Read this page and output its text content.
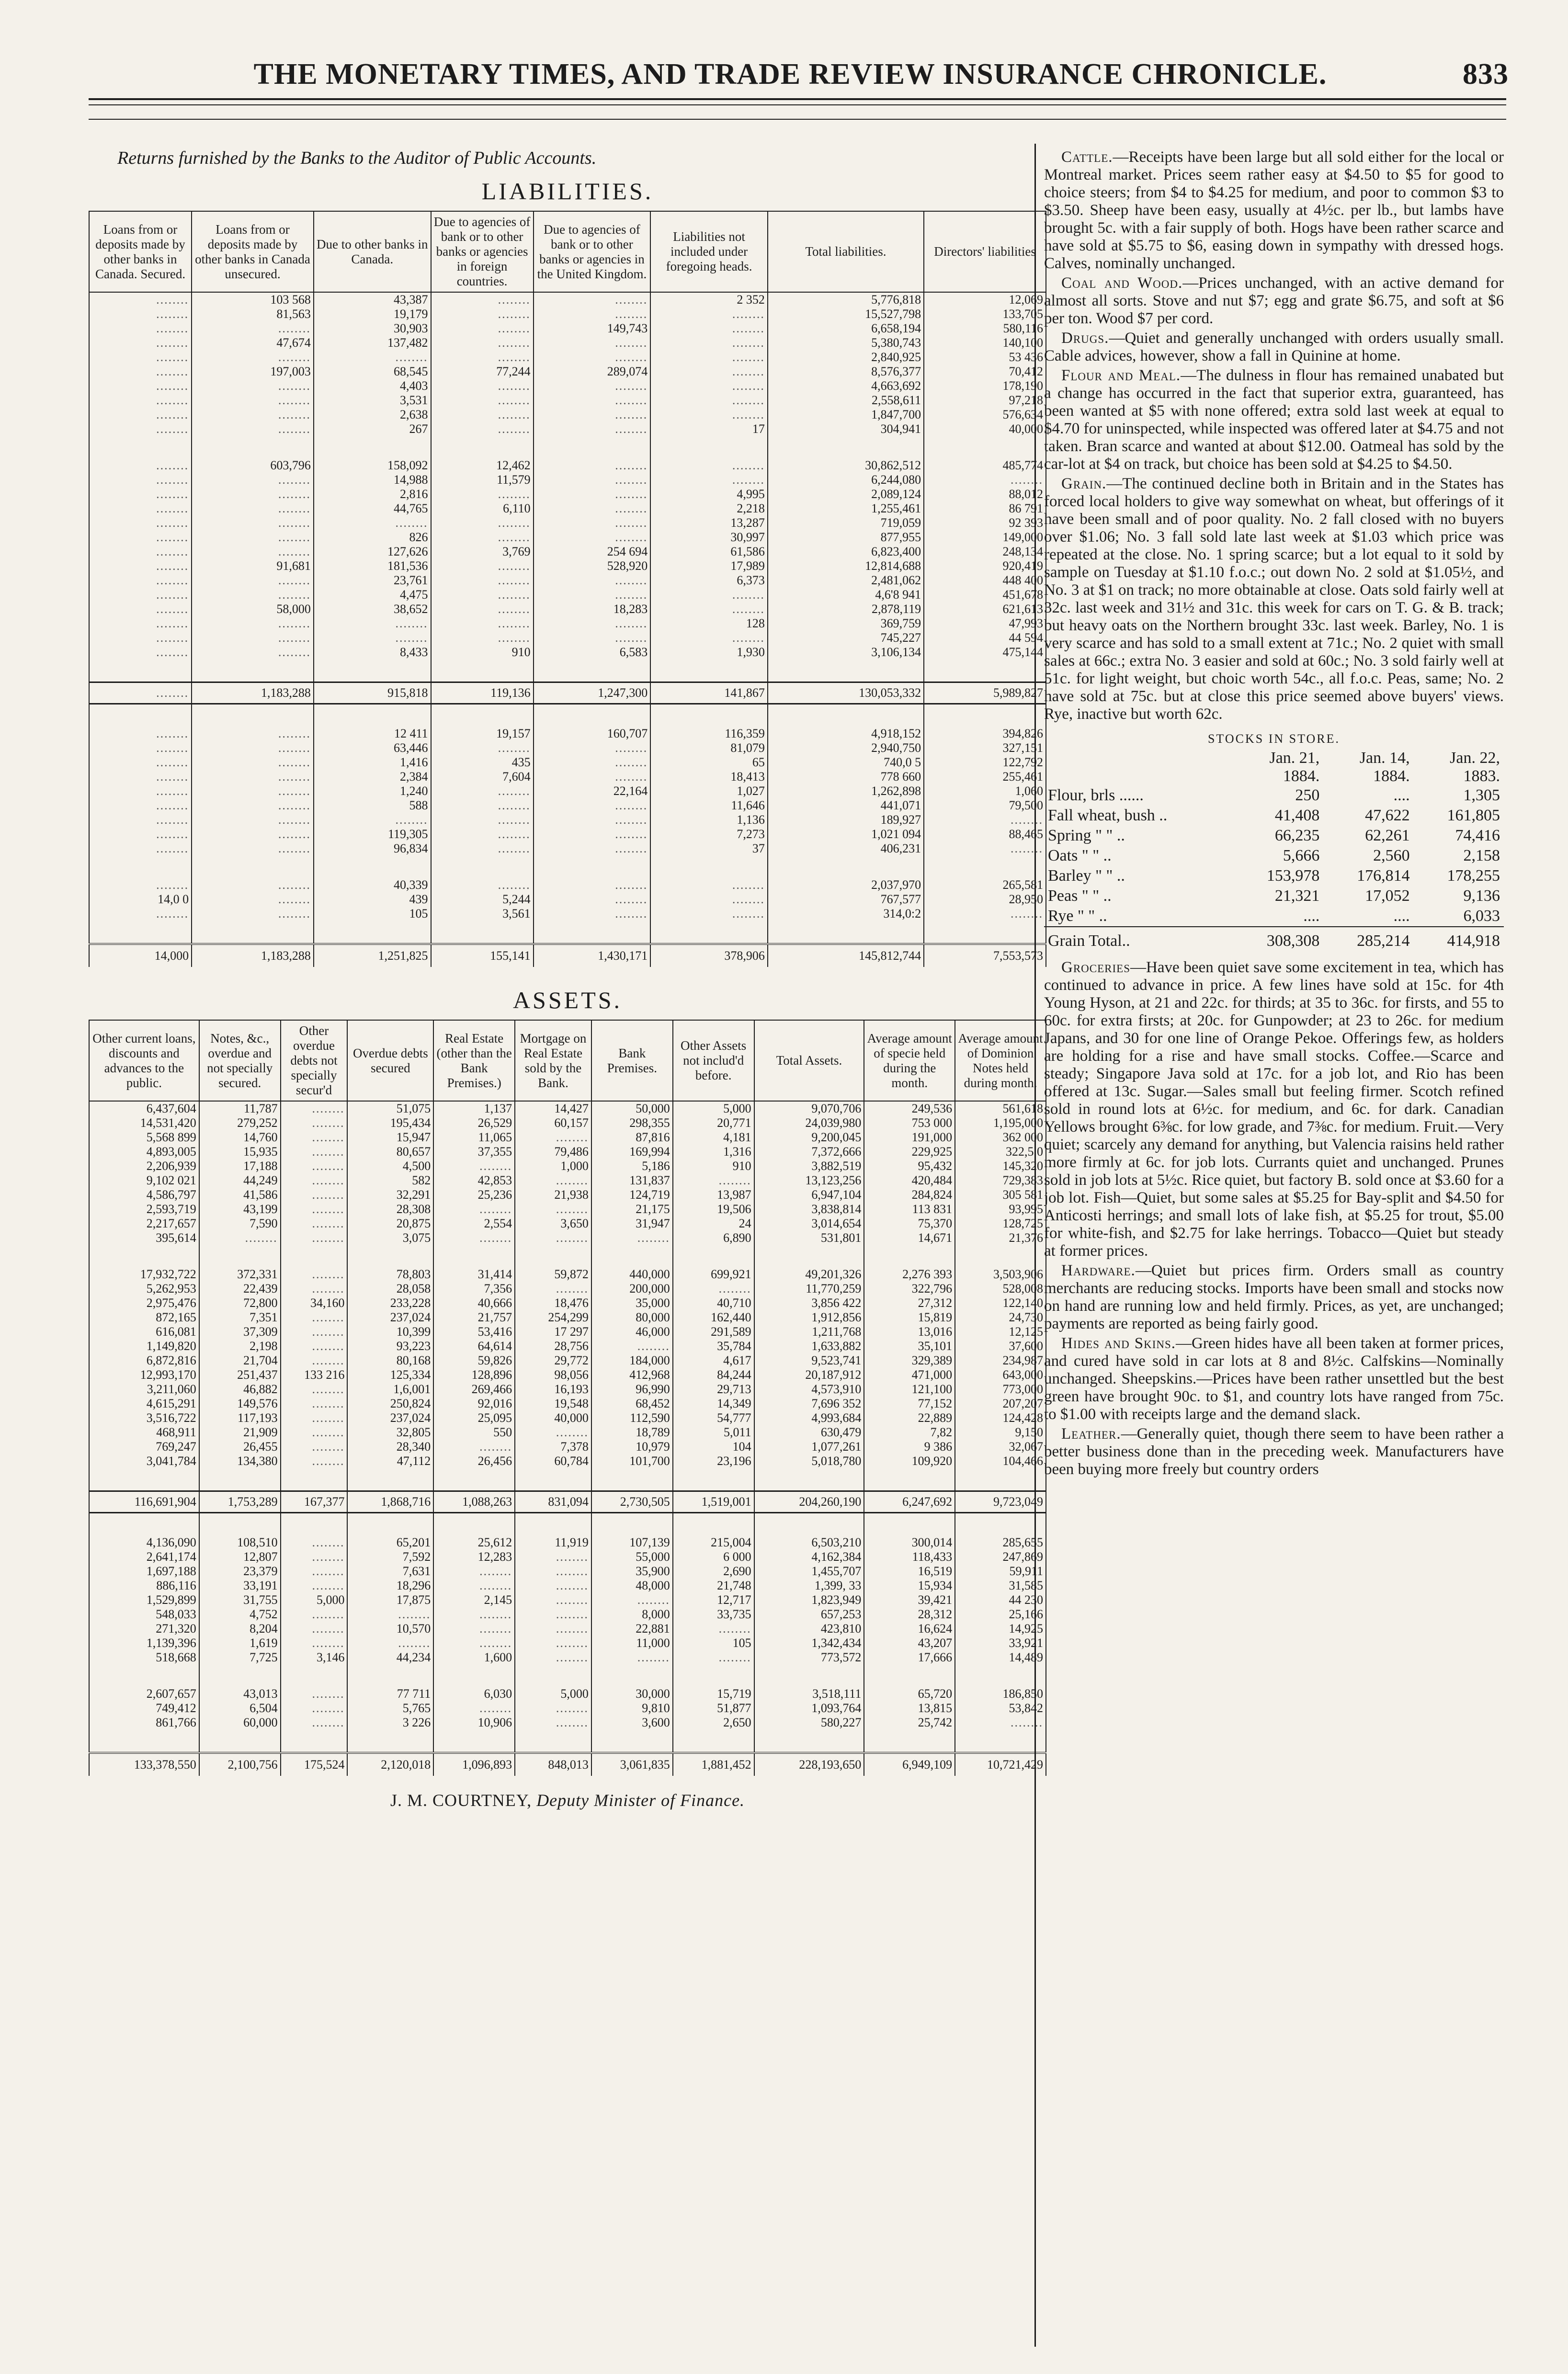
THE MONETARY TIMES, AND TRADE REVIEW INSURANCE CHRONICLE.	833
Returns furnished by the Banks to the Auditor of Public Accounts.
LIABILITIES.
Loans from or deposits made by other banks in Canada. Secured.	Loans from or deposits made by other banks in Canada unsecured.	Due to other banks in Canada.	Due to agencies of bank or to other banks or agencies in foreign countries.	Due to agencies of bank or to other banks or agencies in the United Kingdom.	Liabilities not included under foregoing heads.	Total liabilities.	Directors' liabilities
........	103 568	43,387	........	........	2 352	5,776,818	12,069
........	81,563	19,179	........	........	........	15,527,798	133,705
........	........	30,903	........	149,743	........	6,658,194	580,116
........	47,674	137,482	........	........	........	5,380,743	140,100
........	........	........	........	........	........	2,840,925	53 436
........	197,003	68,545	77,244	289,074	........	8,576,377	70,412
........	........	4,403	........	........	........	4,663,692	178,190
........	........	3,531	........	........	........	2,558,611	97,218
........	........	2,638	........	........	........	1,847,700	576,634
........	........	267	........	........	17	304,941	40,000

........	603,796	158,092	12,462	........	........	30,862,512	485,774
........	........	14,988	11,579	........	........	6,244,080	........
........	........	2,816	........	........	4,995	2,089,124	88,012
........	........	44,765	6,110	........	2,218	1,255,461	86 791
........	........	........	........	........	13,287	719,059	92 393
........	........	826	........	........	30,997	877,955	149,000
........	........	127,626	3,769	254 694	61,586	6,823,400	248,134
........	91,681	181,536	........	528,920	17,989	12,814,688	920,419
........	........	23,761	........	........	6,373	2,481,062	448 400
........	........	4,475	........	........	........	4,6'8 941	451,678
........	58,000	38,652	........	18,283	........	2,878,119	621,613
........	........	........	........	........	128	369,759	47,993
........	........	........	........	........	........	745,227	44 594
........	........	8,433	910	6,583	1,930	3,106,134	475,144

........	1,183,288	915,818	119,136	1,247,300	141,867	130,053,332	5,989,827

........	........	12 411	19,157	160,707	116,359	4,918,152	394,826
........	........	63,446	........	........	81,079	2,940,750	327,151
........	........	1,416	435	........	65	740,0 5	122,792
........	........	2,384	7,604	........	18,413	778 660	255,461
........	........	1,240	........	22,164	1,027	1,262,898	1,060
........	........	588	........	........	11,646	441,071	79,500
........	........	........	........	........	1,136	189,927	........
........	........	119,305	........	........	7,273	1,021 094	88,465
........	........	96,834	........	........	37	406,231	........

........	........	40,339	........	........	........	2,037,970	265,581
14,0 0	........	439	5,244	........	........	767,577	28,950
........	........	105	3,561	........	........	314,0:2	........

14,000	1,183,288	1,251,825	155,141	1,430,171	378,906	145,812,744	7,553,573
ASSETS.
Other current loans, discounts and advances to the public.	Notes, &c., overdue and not specially secured.	Other overdue debts not specially secur'd	Overdue debts secured	Real Estate (other than the Bank Premises.)	Mortgage on Real Estate sold by the Bank.	Bank Premises.	Other Assets not includ'd before.	Total Assets.	Average amount of specie held during the month.	Average amount of Dominion Notes held during month.
6,437,604	11,787	........	51,075	1,137	14,427	50,000	5,000	9,070,706	249,536	561,618
14,531,420	279,252	........	195,434	26,529	60,157	298,355	20,771	24,039,980	753 000	1,195,000
5,568 899	14,760	........	15,947	11,065	........	87,816	4,181	9,200,045	191,000	362 000
4,893,005	15,935	........	80,657	37,355	79,486	169,994	1,316	7,372,666	229,925	322,5 0
2,206,939	17,188	........	4,500	........	1,000	5,186	910	3,882,519	95,432	145,320
9,102 021	44,249	........	582	42,853	........	131,837	........	13,123,256	420,484	729,383
4,586,797	41,586	........	32,291	25,236	21,938	124,719	13,987	6,947,104	284,824	305 581
2,593,719	43,199	........	28,308	........	........	21,175	19,506	3,838,814	113 831	93,995
2,217,657	7,590	........	20,875	2,554	3,650	31,947	24	3,014,654	75,370	128,725
395,614	........	........	3,075	........	........	........	6,890	531,801	14,671	21,376

17,932,722	372,331	........	78,803	31,414	59,872	440,000	699,921	49,201,326	2,276 393	3,503,906
5,262,953	22,439	........	28,058	7,356	........	200,000	........	11,770,259	322,796	528,008
2,975,476	72,800	34,160	233,228	40,666	18,476	35,000	40,710	3,856 422	27,312	122,140
872,165	7,351	........	237,024	21,757	254,299	80,000	162,440	1,912,856	15,819	24,730
616,081	37,309	........	10,399	53,416	17 297	46,000	291,589	1,211,768	13,016	12,125
1,149,820	2,198	........	93,223	64,614	28,756	........	35,784	1,633,882	35,101	37,600
6,872,816	21,704	........	80,168	59,826	29,772	184,000	4,617	9,523,741	329,389	234,987
12,993,170	251,437	133 216	125,334	128,896	98,056	412,968	84,244	20,187,912	471,000	643,000
3,211,060	46,882	........	1,6,001	269,466	16,193	96,990	29,713	4,573,910	121,100	773,000
4,615,291	149,576	........	250,824	92,016	19,548	68,452	14,349	7,696 352	77,152	207,207
3,516,722	117,193	........	237,024	25,095	40,000	112,590	54,777	4,993,684	22,889	124,428
468,911	21,909	........	32,805	550	........	18,789	5,011	630,479	7,82	9,150
769,247	26,455	........	28,340	........	7,378	10,979	104	1,077,261	9 386	32,067
3,041,784	134,380	........	47,112	26,456	60,784	101,700	23,196	5,018,780	109,920	104,466

116,691,904	1,753,289	167,377	1,868,716	1,088,263	831,094	2,730,505	1,519,001	204,260,190	6,247,692	9,723,049

4,136,090	108,510	........	65,201	25,612	11,919	107,139	215,004	6,503,210	300,014	285,655
2,641,174	12,807	........	7,592	12,283	........	55,000	6 000	4,162,384	118,433	247,869
1,697,188	23,379	........	7,631	........	........	35,900	2,690	1,455,707	16,519	59,911
886,116	33,191	........	18,296	........	........	48,000	21,748	1,399, 33	15,934	31,585
1,529,899	31,755	5,000	17,875	2,145	........	........	12,717	1,823,949	39,421	44 230
548,033	4,752	........	........	........	........	8,000	33,735	657,253	28,312	25,166
271,320	8,204	........	10,570	........	........	22,881	........	423,810	16,624	14,925
1,139,396	1,619	........	........	........	........	11,000	105	1,342,434	43,207	33,921
518,668	7,725	3,146	44,234	1,600	........	........	........	773,572	17,666	14,489

2,607,657	43,013	........	77 711	6,030	5,000	30,000	15,719	3,518,111	65,720	186,850
749,412	6,504	........	5,765	........	........	9,810	51,877	1,093,764	13,815	53,842
861,766	60,000	........	3 226	10,906	........	3,600	2,650	580,227	25,742	........

133,378,550	2,100,756	175,524	2,120,018	1,096,893	848,013	3,061,835	1,881,452	228,193,650	6,949,109	10,721,429
J. M. COURTNEY, Deputy Minister of Finance.

Cattle.—Receipts have been large but all sold either for the local or Montreal market. Prices seem rather easy at $4.50 to $5 for good to choice steers; from $4 to $4.25 for medium, and poor to common $3 to $3.50. Sheep have been easy, usually at 4½c. per lb., but lambs have brought 5c. with a fair supply of both. Hogs have been rather scarce and have sold at $5.75 to $6, easing down in sympathy with dressed hogs. Calves, nominally unchanged.

Coal and Wood.—Prices unchanged, with an active demand for almost all sorts. Stove and nut $7; egg and grate $6.75, and soft at $6 per ton. Wood $7 per cord.

Drugs.—Quiet and generally unchanged with orders usually small. Cable advices, however, show a fall in Quinine at home.

Flour and Meal.—The dulness in flour has remained unabated but a change has occurred in the fact that superior extra, guaranteed, has been wanted at $5 with none offered; extra sold last week at equal to $4.70 for uninspected, while inspected was offered later at $4.75 and not taken. Bran scarce and wanted at about $12.00. Oatmeal has sold by the car-lot at $4 on track, but choice has been sold at $4.25 to $4.50.

Grain.—The continued decline both in Britain and in the States has forced local holders to give way somewhat on wheat, but offerings of it have been small and of poor quality. No. 2 fall closed with no buyers over $1.06; No. 3 fall sold late last week at $1.03 which price was repeated at the close. No. 1 spring scarce; but a lot equal to it sold by sample on Tuesday at $1.10 f.o.c.; out down No. 2 sold at $1.05½, and No. 3 at $1 on track; no more obtainable at close. Oats sold fairly well at 32c. last week and 31½ and 31c. this week for cars on T. G. & B. track; but heavy oats on the Northern brought 33c. last week. Barley, No. 1 is very scarce and has sold to a small extent at 71c.; No. 2 quiet with small sales at 66c.; extra No. 3 easier and sold at 60c.; No. 3 sold fairly well at 51c. for light weight, but choic worth 54c., all f.o.c. Peas, same; No. 2 have sold at 75c. but at close this price seemed above buyers' views. Rye, inactive but worth 62c.

STOCKS IN STORE.
	Jan. 21,	Jan. 14,	Jan. 22,
	1884.	1884.	1883.
Flour, brls ......	250	....	1,305
Fall wheat, bush ..	41,408	47,622	161,805
Spring " " ..	66,235	62,261	74,416
Oats " " ..	5,666	2,560	2,158
Barley " " ..	153,978	176,814	178,255
Peas " " ..	21,321	17,052	9,136
Rye " " ..	....	....	6,033
Grain Total..	308,308	285,214	414,918

Groceries—Have been quiet save some excitement in tea, which has continued to advance in price. A few lines have sold at 15c. for 4th Young Hyson, at 21 and 22c. for thirds; at 35 to 36c. for firsts, and 55 to 60c. for extra firsts; at 20c. for Gunpowder; at 23 to 26c. for medium Japans, and 30 for one line of Orange Pekoe. Offerings few, as holders are holding for a rise and have small stocks. Coffee.—Scarce and steady; Singapore Java sold at 17c. for a job lot, and Rio has been offered at 13c. Sugar.—Sales small but feeling firmer. Scotch refined sold in round lots at 6½c. for medium, and 6c. for dark. Canadian Yellows brought 6⅜c. for low grade, and 7⅜c. for medium. Fruit.—Very quiet; scarcely any demand for anything, but Valencia raisins held rather more firmly at 6c. for job lots. Currants quiet and unchanged. Prunes sold in job lots at 5½c. Rice quiet, but factory B. sold once at $3.60 for a job lot. Fish—Quiet, but some sales at $5.25 for Bay-split and $4.50 for Anticosti herrings; and small lots of lake fish, at $5.25 for trout, $5.00 for white-fish, and $2.75 for lake herrings. Tobacco—Quiet but steady at former prices.

Hardware.—Quiet but prices firm. Orders small as country merchants are reducing stocks. Imports have been small and stocks now on hand are running low and held firmly. Prices, as yet, are unchanged; payments are reported as being fairly good.

Hides and Skins.—Green hides have all been taken at former prices, and cured have sold in car lots at 8 and 8½c. Calfskins—Nominally unchanged. Sheepskins.—Prices have been rather unsettled but the best green have brought 90c. to $1, and country lots have ranged from 75c. to $1.00 with receipts large and the demand slack.

Leather.—Generally quiet, though there seem to have been rather a better business done than in the preceding week. Manufacturers have been buying more freely but country orders
